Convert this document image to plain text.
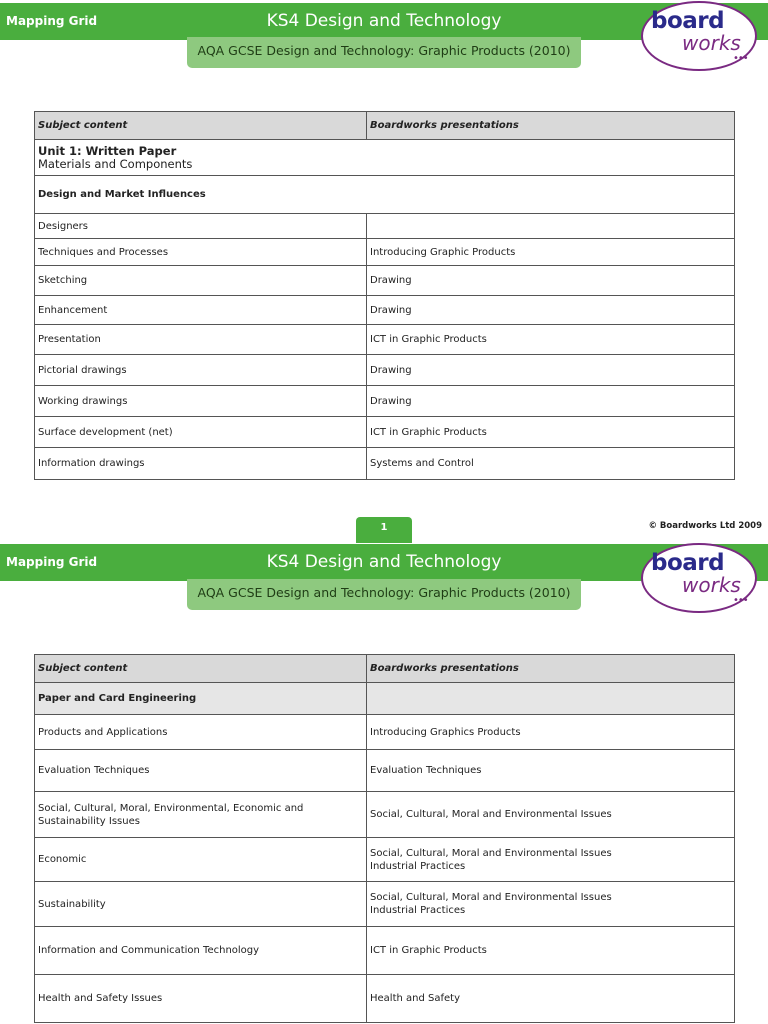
Mapping Grid	KS4 Design and Technology
AQA GCSE Design and Technology: Graphic Products (2010)
board
works
•••
Subject content	Boardworks presentations

Unit 1: Written Paper
Materials and Components	

Design and Market Influences	
Designers	
Techniques and Processes	Introducing Graphic Products
Sketching	Drawing
Enhancement	Drawing
Presentation	ICT in Graphic Products
Pictorial drawings	Drawing
Working drawings	Drawing
Surface development (net)	ICT in Graphic Products
Information drawings	Systems and Control
1	© Boardworks Ltd 2009
Mapping Grid	KS4 Design and Technology
AQA GCSE Design and Technology: Graphic Products (2010)
board
works
•••
Subject content	Boardworks presentations
Paper and Card Engineering	
Products and Applications	Introducing Graphics Products
Evaluation Techniques	Evaluation Techniques
Social, Cultural, Moral, Environmental, Economic and Sustainability Issues	Social, Cultural, Moral and Environmental Issues
Economic	Social, Cultural, Moral and Environmental Issues
Industrial Practices

Sustainability	Social, Cultural, Moral and Environmental Issues
Industrial Practices

Information and Communication Technology	ICT in Graphic Products
Health and Safety Issues	Health and Safety
